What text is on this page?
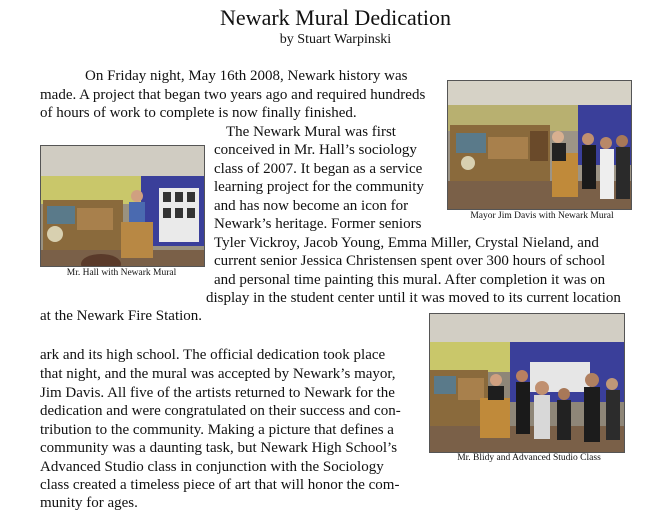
Newark Mural Dedication
by Stuart Warpinski
On Friday night, May 16th 2008, Newark history was
made. A project that began two years ago and required hundreds
of hours of work to complete is now finally finished.
The Newark Mural was first
conceived in Mr. Hall’s sociology
class of 2007. It began as a service
learning project for the community
and has now become an icon for
Newark’s heritage. Former seniors
Tyler Vickroy, Jacob Young, Emma Miller, Crystal Nieland, and
current senior Jessica Christensen spent over 300 hours of school
and personal time painting this mural. After completion it was on
display in the student center until it was moved to its current location
at the Newark Fire Station.
ark and its high school. The official dedication took place
that night, and the mural was accepted by Newark’s mayor,
Jim Davis. All five of the artists returned to Newark for the
dedication and were congratulated on their success and con-
tribution to the community. Making a picture that defines a
community was a daunting task, but Newark High School’s
Advanced Studio class in conjunction with the Sociology
class created a timeless piece of art that will honor the com-
munity for ages.
Mayor Jim Davis with Newark Mural
Mr. Hall with Newark Mural
Mr. Blidy and Advanced Studio Class
